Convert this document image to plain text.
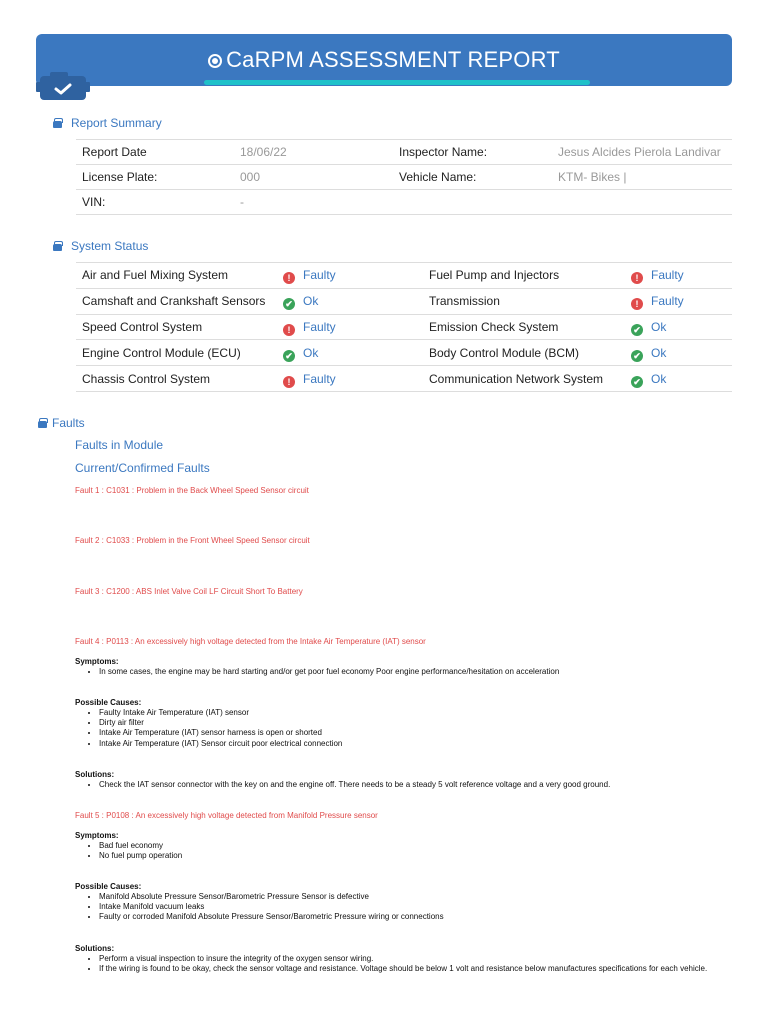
CaRPM ASSESSMENT REPORT
Report Summary
Report Date	18/06/22	Inspector Name:	Jesus Alcides Pierola Landivar
License Plate:	000	Vehicle Name:	KTM- Bikes |
VIN:	-		
System Status
Air and Fuel Mixing System	! Faulty	Fuel Pump and Injectors	! Faulty
Camshaft and Crankshaft Sensors	✔ Ok	Transmission	! Faulty
Speed Control System	! Faulty	Emission Check System	✔ Ok
Engine Control Module (ECU)	✔ Ok	Body Control Module (BCM)	✔ Ok
Chassis Control System	! Faulty	Communication Network System	✔ Ok
Faults
Faults in Module
Current/Confirmed Faults
Fault 1 : C1031 : Problem in the Back Wheel Speed Sensor circuit
Fault 2 : C1033 : Problem in the Front Wheel Speed Sensor circuit
Fault 3 : C1200 : ABS Inlet Valve Coil LF Circuit Short To Battery
Fault 4 : P0113 : An excessively high voltage detected from the Intake Air Temperature (IAT) sensor
Symptoms:
• In some cases, the engine may be hard starting and/or get poor fuel economy Poor engine performance/hesitation on acceleration
Possible Causes:
• Faulty Intake Air Temperature (IAT) sensor
• Dirty air filter
• Intake Air Temperature (IAT) sensor harness is open or shorted
• Intake Air Temperature (IAT) Sensor circuit poor electrical connection
Solutions:
• Check the IAT sensor connector with the key on and the engine off. There needs to be a steady 5 volt reference voltage and a very good ground.
Fault 5 : P0108 : An excessively high voltage detected from Manifold Pressure sensor
Symptoms:
• Bad fuel economy
• No fuel pump operation
Possible Causes:
• Manifold Absolute Pressure Sensor/Barometric Pressure Sensor is defective
• Intake Manifold vacuum leaks
• Faulty or corroded Manifold Absolute Pressure Sensor/Barometric Pressure wiring or connections
Solutions:
• Perform a visual inspection to insure the integrity of the oxygen sensor wiring.
• If the wiring is found to be okay, check the sensor voltage and resistance. Voltage should be below 1 volt and resistance below manufactures specifications for each vehicle.
